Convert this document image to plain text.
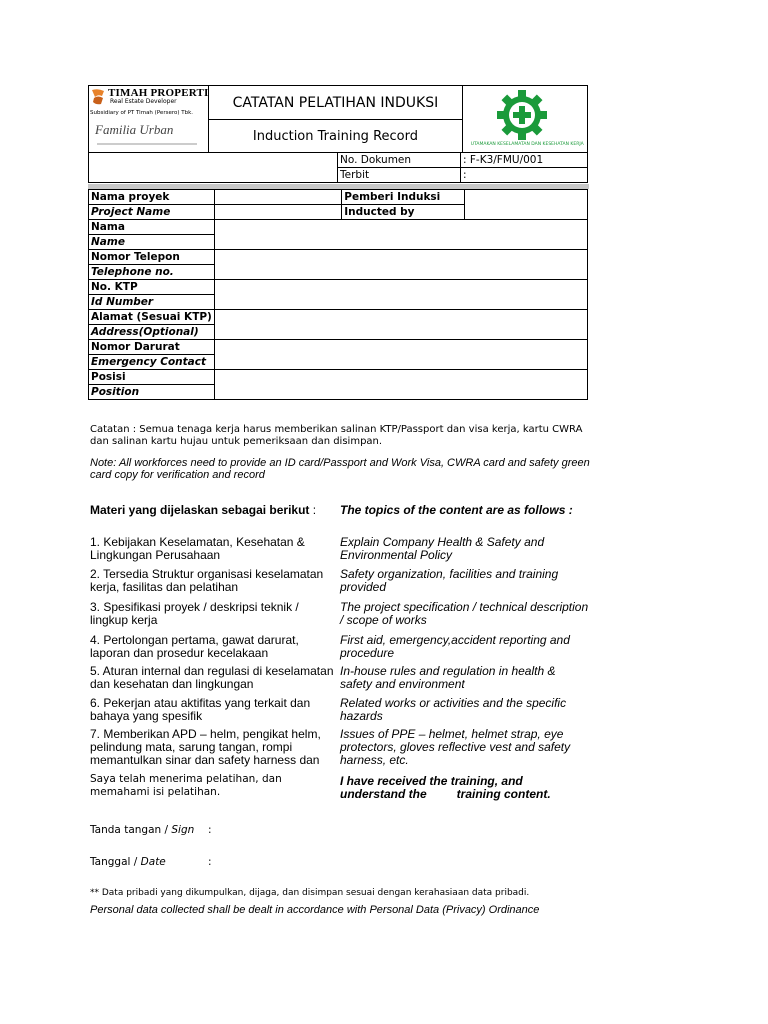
TIMAH PROPERTI
Real Estate Developer
Subsidiary of PT Timah (Persero) Tbk.
Familia Urban

CATATAN PELATIHAN INDUKSI
Induction Training Record

UTAMAKAN KESELAMATAN DAN KESEHATAN KERJA
	No. Dokumen	: F-K3/FMU/001
	Terbit	:
Nama proyek		Pemberi Induksi	
Project Name		Inducted by	
Nama			
Name			
Nomor Telepon			
Telephone no.			
No. KTP			
Id Number			
Alamat (Sesuai KTP)			
Address(Optional)			
Nomor Darurat			
Emergency Contact			
Posisi			
Position			
Catatan : Semua tenaga kerja harus memberikan salinan KTP/Passport dan visa kerja, kartu CWRA dan salinan kartu hujau untuk pemeriksaan dan disimpan.
Note: All workforces need to provide an ID card/Passport and Work Visa, CWRA card and safety green card copy for verification and record
Materi yang dijelaskan sebagai berikut : The topics of the content are as follows :
1. Kebijakan Keselamatan, Kesehatan & Lingkungan Perusahaan
Explain Company Health & Safety and Environmental Policy
2. Tersedia Struktur organisasi keselamatan kerja, fasilitas dan pelatihan
Safety organization, facilities and training provided
3. Spesifikasi proyek / deskripsi teknik / lingkup kerja
The project specification / technical description / scope of works
4. Pertolongan pertama, gawat darurat, laporan dan prosedur kecelakaan
First aid, emergency,accident reporting and procedure
5. Aturan internal dan regulasi di keselamatan dan kesehatan dan lingkungan
In-house rules and regulation in health & safety and environment
6. Pekerjan atau aktifitas yang terkait dan bahaya yang spesifik
Related works or activities and the specific hazards
7. Memberikan APD – helm, pengikat helm, pelindung mata, sarung tangan, rompi memantulkan sinar dan safety harness dan
Issues of PPE – helmet, helmet strap, eye protectors, gloves reflective vest and safety harness, etc.
Saya telah menerima pelatihan, dan memahami isi pelatihan.
I have received the training, and understand the         training content.
Tanda tangan / Sign :
Tanggal / Date	:
** Data pribadi yang dikumpulkan, dijaga, dan disimpan sesuai dengan kerahasiaan data pribadi.
Personal data collected shall be dealt in accordance with Personal Data (Privacy) Ordinance
